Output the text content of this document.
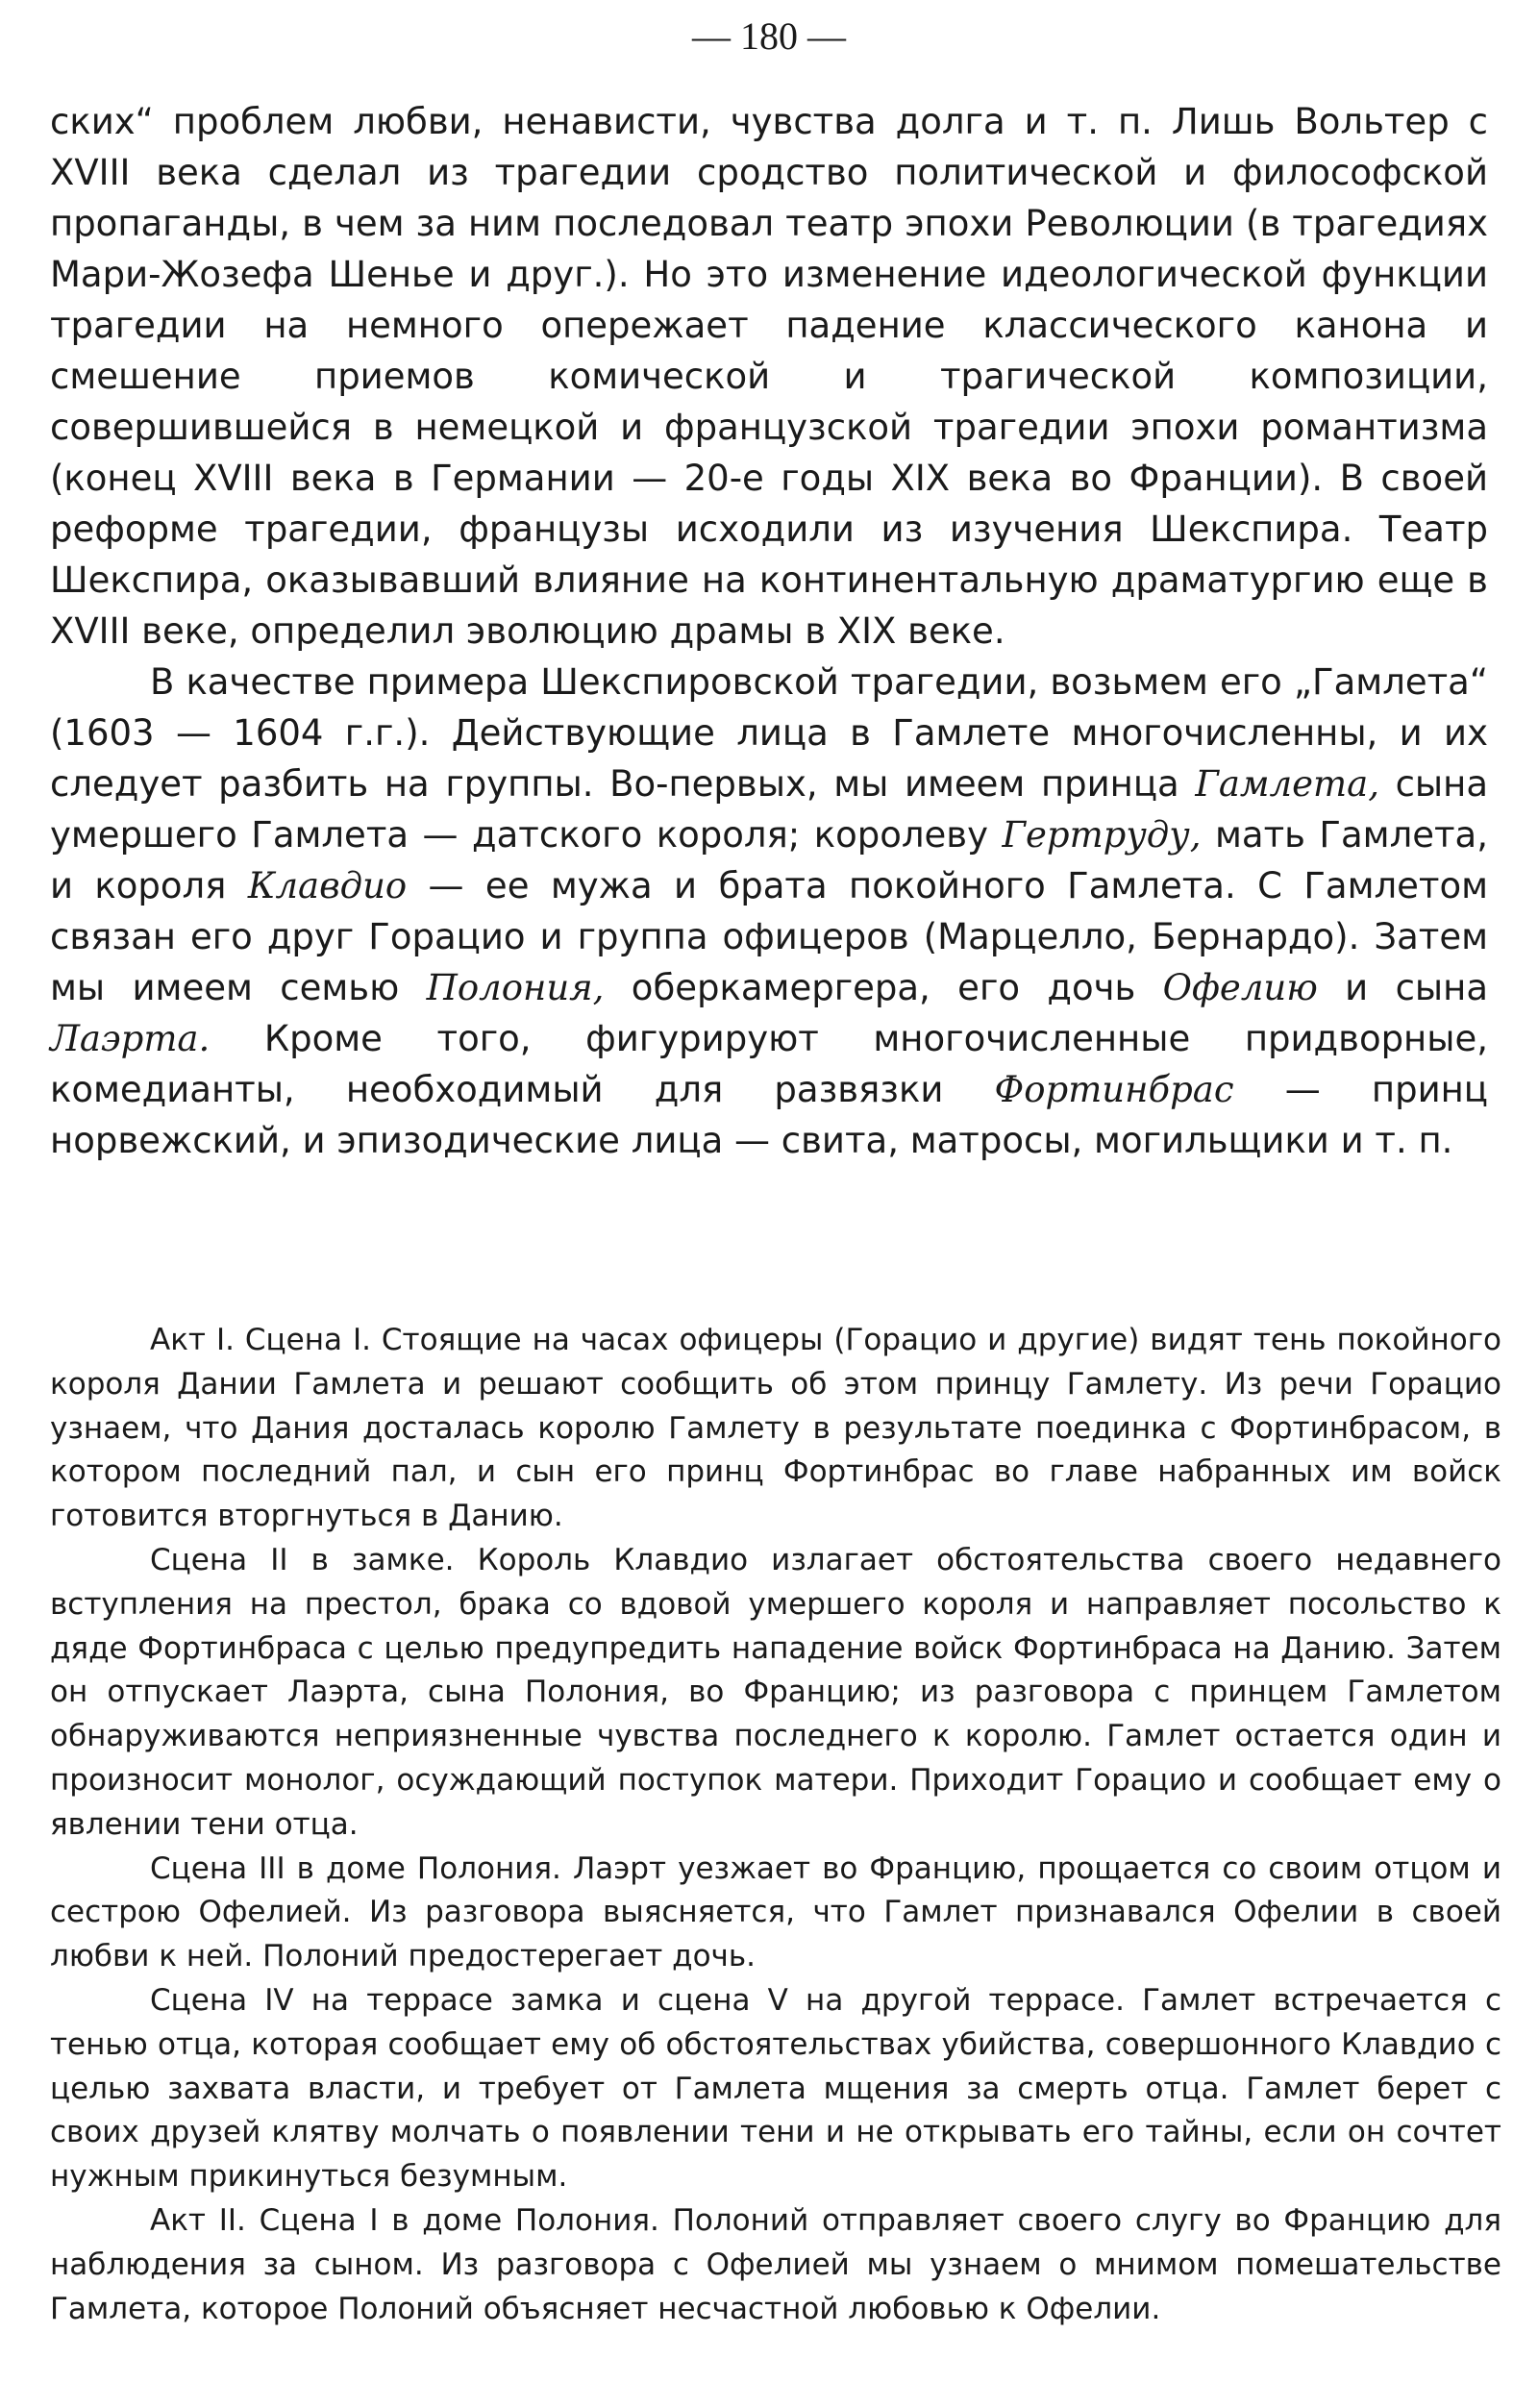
— 180 —

ских“ проблем любви, ненависти, чувства долга и т. п. Лишь Вольтер с XVIII века сделал из трагедии сродство политической и философской пропаганды, в чем за ним последовал театр эпохи Революции (в трагедиях Мари-Жозефа Шенье и друг.). Но это изменение идеологической функции трагедии на немного опережает падение классического канона и смешение приемов комической и трагической композиции, совершившейся в немецкой и французской трагедии эпохи романтизма (конец XVIII века в Германии — 20-е годы XIX века во Франции). В своей реформе трагедии, французы исходили из изучения Шекспира. Театр Шекспира, оказывавший влияние на континентальную драматургию еще в XVIII веке, определил эволюцию драмы в XIX веке.

В качестве примера Шекспировской трагедии, возьмем его „Гамлета“ (1603 — 1604 г.г.). Действующие лица в Гамлете многочисленны, и их следует разбить на группы. Во-первых, мы имеем принца Гамлета, сына умершего Гамлета — датского короля; королеву Гертруду, мать Гамлета, и короля Клавдио — ее мужа и брата покойного Гамлета. С Гамлетом связан его друг Горацио и группа офицеров (Марцелло, Бернардо). Затем мы имеем семью Полония, оберкамергера, его дочь Офелию и сына Лаэрта. Кроме того, фигурируют многочисленные придворные, комедианты, необходимый для развязки Фортинбрас — принц норвежский, и эпизодические лица — свита, матросы, могильщики и т. п.

Акт I. Сцена I. Стоящие на часах офицеры (Горацио и другие) видят тень покойного короля Дании Гамлета и решают сообщить об этом принцу Гамлету. Из речи Горацио узнаем, что Дания досталась королю Гамлету в результате поединка с Фортинбрасом, в котором последний пал, и сын его принц Фортинбрас во главе набранных им войск готовится вторгнуться в Данию.

Сцена II в замке. Король Клавдио излагает обстоятельства своего недавнего вступления на престол, брака со вдовой умершего короля и направляет посольство к дяде Фортинбраса с целью предупредить нападение войск Фортинбраса на Данию. Затем он отпускает Лаэрта, сына Полония, во Францию; из разговора с принцем Гамлетом обнаруживаются неприязненные чувства последнего к королю. Гамлет остается один и произносит монолог, осуждающий поступок матери. Приходит Горацио и сообщает ему о явлении тени отца.

Сцена III в доме Полония. Лаэрт уезжает во Францию, прощается со своим отцом и сестрою Офелией. Из разговора выясняется, что Гамлет признавался Офелии в своей любви к ней. Полоний предостерегает дочь.

Сцена IV на террасе замка и сцена V на другой террасе. Гамлет встречается с тенью отца, которая сообщает ему об обстоятельствах убийства, совершонного Клавдио с целью захвата власти, и требует от Гамлета мщения за смерть отца. Гамлет берет с своих друзей клятву молчать о появлении тени и не открывать его тайны, если он сочтет нужным прикинуться безумным.

Акт II. Сцена I в доме Полония. Полоний отправляет своего слугу во Францию для наблюдения за сыном. Из разговора с Офелией мы узнаем о мнимом помешательстве Гамлета, которое Полоний объясняет несчастной любовью к Офелии.
